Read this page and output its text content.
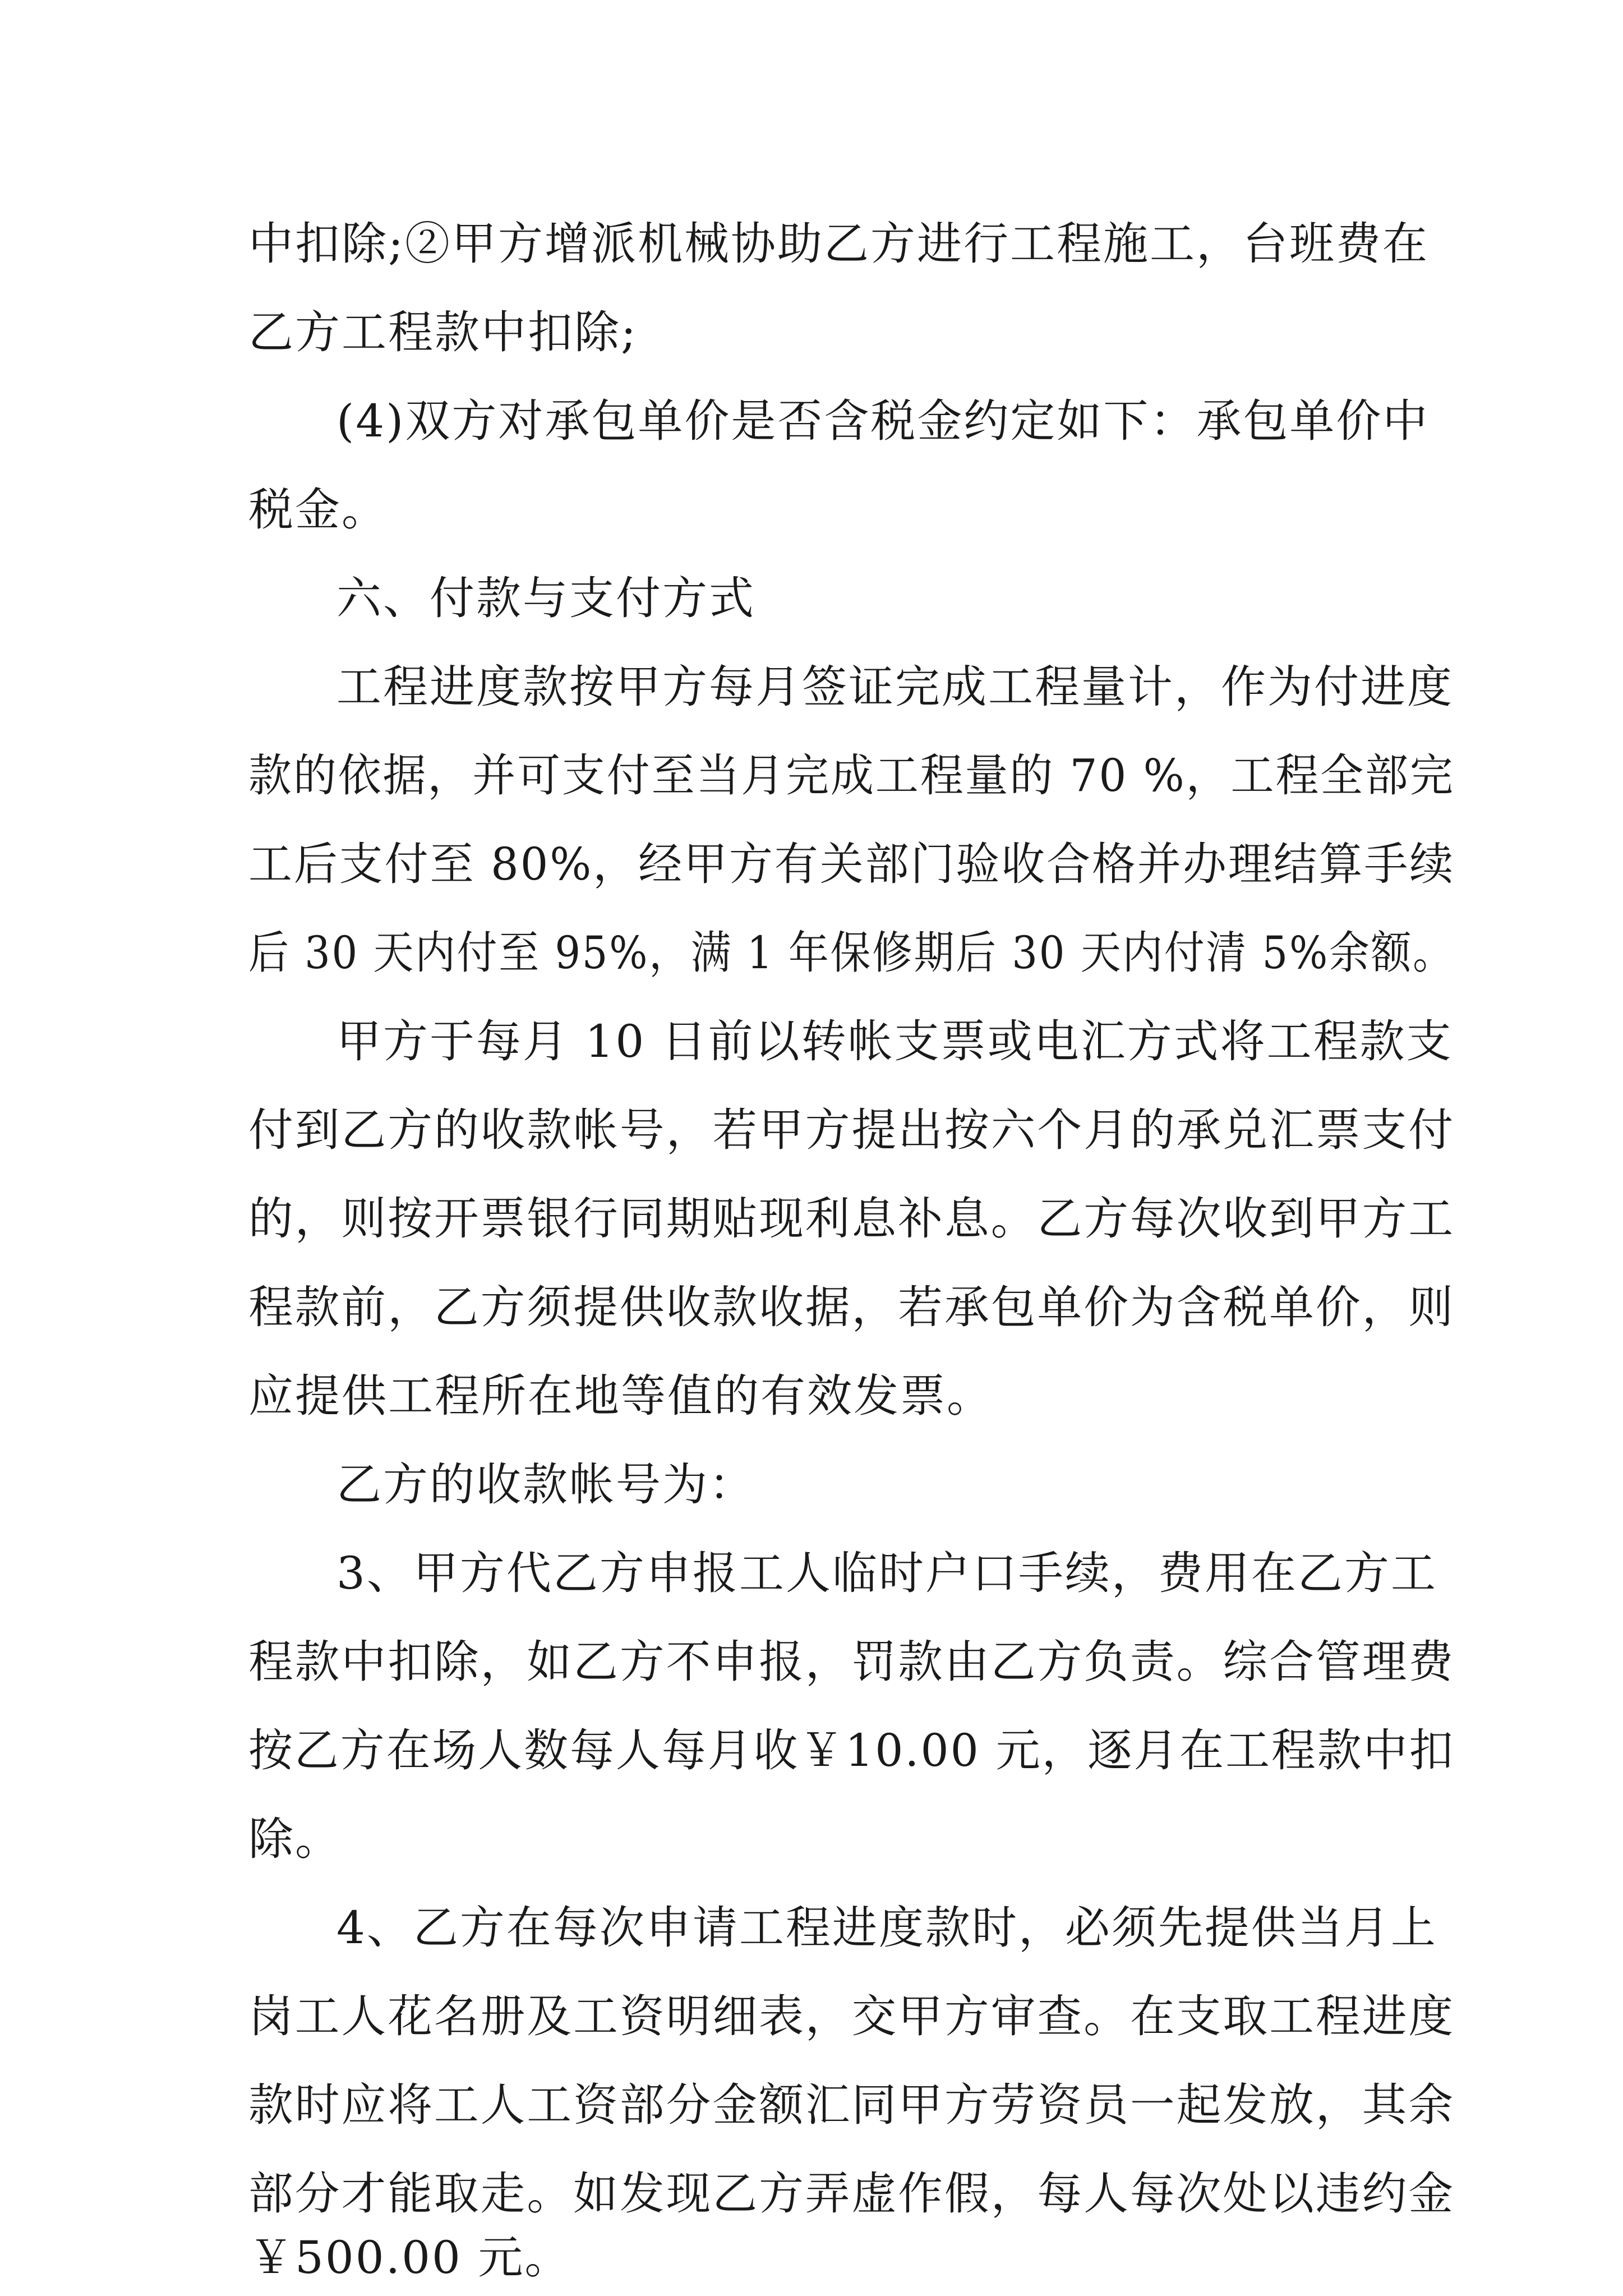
中扣除;②甲方增派机械协助乙方进行工程施工，台班费在
乙方工程款中扣除;
(4)双方对承包单价是否含税金约定如下：承包单价中
税金。
六、付款与支付方式
工程进度款按甲方每月签证完成工程量计，作为付进度
款的依据，并可支付至当月完成工程量的 70 %，工程全部完
工后支付至 80%，经甲方有关部门验收合格并办理结算手续
后 30 天内付至 95%，满 1 年保修期后 30 天内付清 5%余额。
甲方于每月 10 日前以转帐支票或电汇方式将工程款支
付到乙方的收款帐号，若甲方提出按六个月的承兑汇票支付
的，则按开票银行同期贴现利息补息。乙方每次收到甲方工
程款前，乙方须提供收款收据，若承包单价为含税单价，则
应提供工程所在地等值的有效发票。
乙方的收款帐号为：
3、甲方代乙方申报工人临时户口手续，费用在乙方工
程款中扣除，如乙方不申报，罚款由乙方负责。综合管理费
按乙方在场人数每人每月收￥10.00 元，逐月在工程款中扣
除。
4、乙方在每次申请工程进度款时，必须先提供当月上
岗工人花名册及工资明细表，交甲方审查。在支取工程进度
款时应将工人工资部分金额汇同甲方劳资员一起发放，其余
部分才能取走。如发现乙方弄虚作假，每人每次处以违约金
￥500.00 元。
